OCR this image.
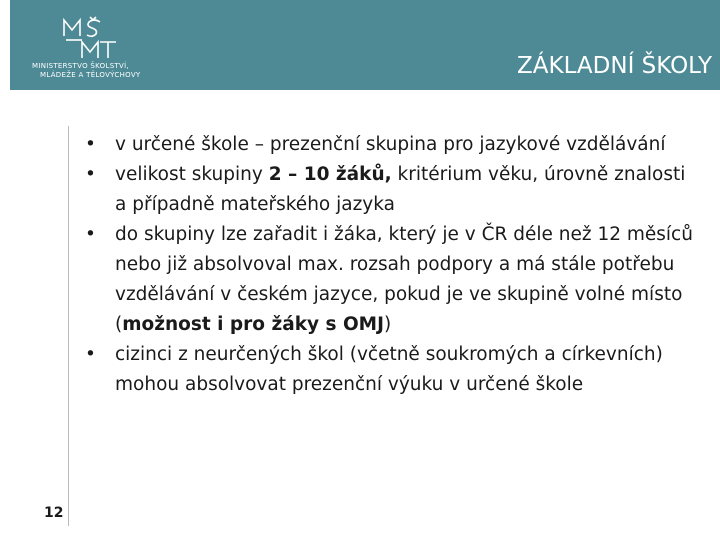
MINISTERSTVO ŠKOLSTVÍ,
MLÁDEŽE A TĚLOVÝCHOVY	ZÁKLADNÍ ŠKOLY
•	v určené škole – prezenční skupina pro jazykové vzdělávání
•	velikost skupiny 2 – 10 žáků, kritérium věku, úrovně znalosti a případně mateřského jazyka
•	do skupiny lze zařadit i žáka, který je v ČR déle než 12 měsíců nebo již absolvoval max. rozsah podpory a má stále potřebu vzdělávání v českém jazyce, pokud je ve skupině volné místo (možnost i pro žáky s OMJ)
•	cizinci z neurčených škol (včetně soukromých a církevních) mohou absolvovat prezenční výuku v určené škole
12
